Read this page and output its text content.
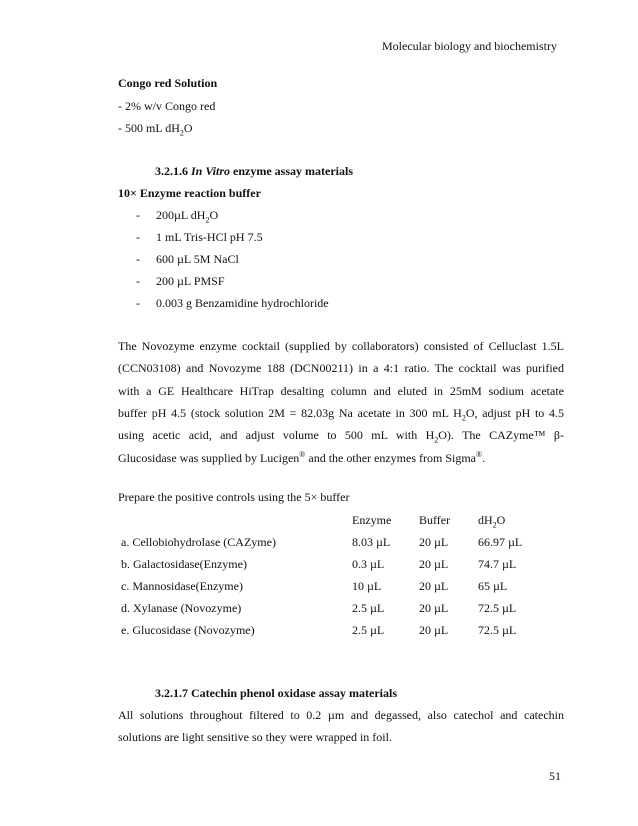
Molecular biology and biochemistry
Congo red Solution
- 2% w/v Congo red
- 500 mL $dH_2O$
3.2.1.6 In Vitro enzyme assay materials
10× Enzyme reaction buffer
- 200µL $dH_2O$
- 1 mL Tris-HCl pH 7.5
- 600 µL 5M NaCl
- 200 µL PMSF
- 0.003 g Benzamidine hydrochloride
The Novozyme enzyme cocktail (supplied by collaborators) consisted of Celluclast 1.5L
(CCN03108) and Novozyme 188 (DCN00211) in a 4:1 ratio. The cocktail was purified
with a GE Healthcare HiTrap desalting column and eluted in 25mM sodium acetate
buffer pH 4.5 (stock solution 2M = 82.03g Na acetate in 300 mL $H_2O$, adjust pH to 4.5
using acetic acid, and adjust volume to 500 mL with $H_2O$). The CAZyme™ β-
Glucosidase was supplied by Lucigen® and the other enzymes from Sigma®.
Prepare the positive controls using the 5× buffer
Enzyme Buffer $dH_2O$
a. Cellobiohydrolase (CAZyme)	8.03 µL 20 µL 66.97 µL
b. Galactosidase(Enzyme)	0.3 µL	20 µL 74.7 µL
c. Mannosidase(Enzyme)	10 µL	20 µL 65 µL
d. Xylanase (Novozyme)	2.5 µL	20 µL 72.5 µL
e. Glucosidase (Novozyme)	2.5 µL	20 µL 72.5 µL
3.2.1.7 Catechin phenol oxidase assay materials
All solutions throughout filtered to 0.2 µm and degassed, also catechol and catechin
solutions are light sensitive so they were wrapped in foil.
51
